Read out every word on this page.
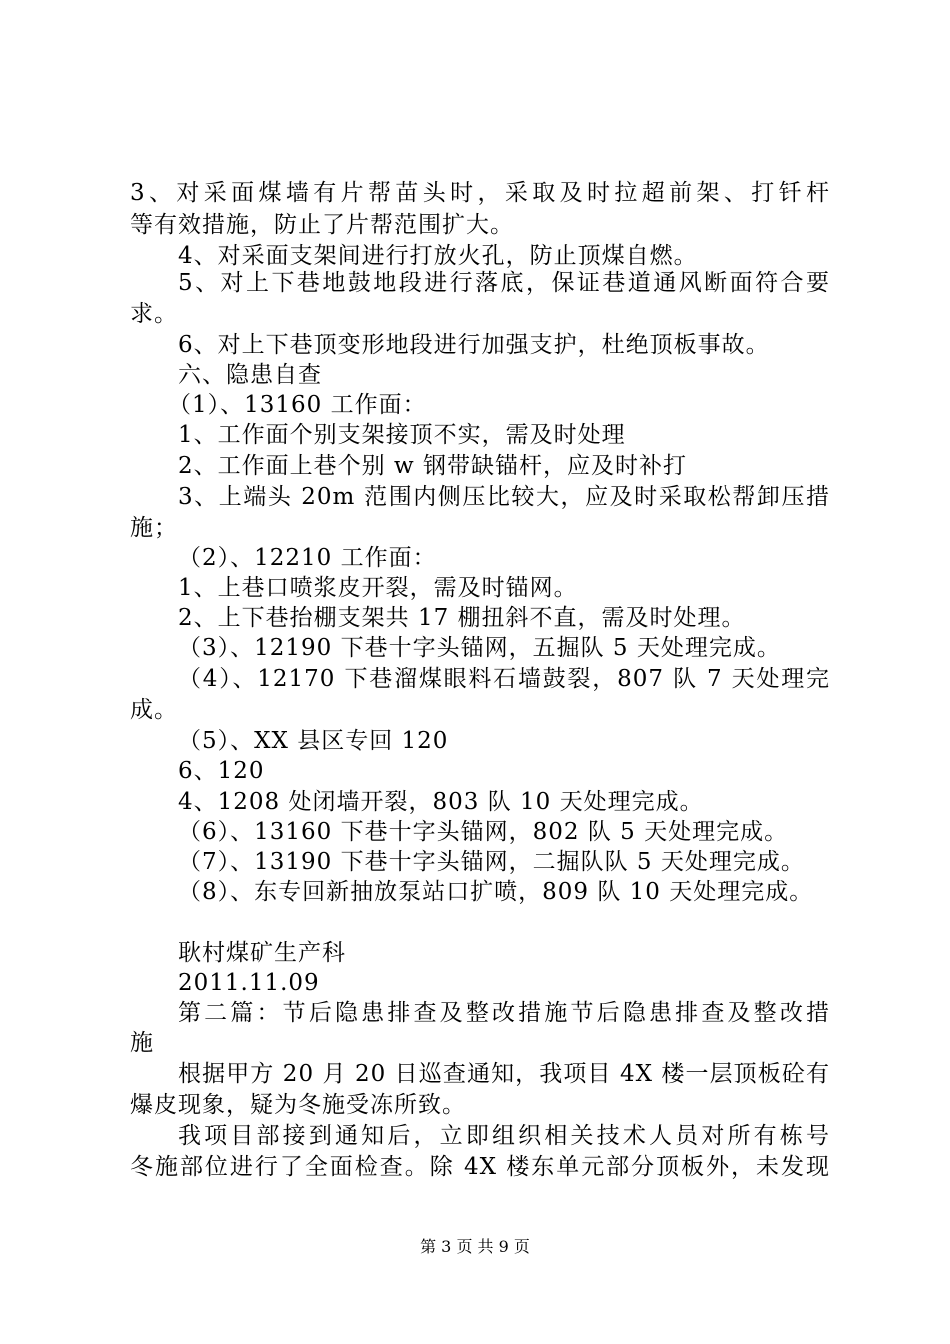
3、对采面煤墙有片帮苗头时，采取及时拉超前架、打钎杆
等有效措施，防止了片帮范围扩大。
4、对采面支架间进行打放火孔，防止顶煤自燃。
5、对上下巷地鼓地段进行落底，保证巷道通风断面符合要
求。
6、对上下巷顶变形地段进行加强支护，杜绝顶板事故。
六、隐患自查
（1）、13160 工作面：
1、工作面个别支架接顶不实，需及时处理
2、工作面上巷个别 w 钢带缺锚杆，应及时补打
3、上端头 20m 范围内侧压比较大，应及时采取松帮卸压措
施；
（2）、12210 工作面：
1、上巷口喷浆皮开裂，需及时锚网。
2、上下巷抬棚支架共 17 棚扭斜不直，需及时处理。
（3）、12190 下巷十字头锚网，五掘队 5 天处理完成。
（4）、12170 下巷溜煤眼料石墙鼓裂，807 队 7 天处理完
成。
（5）、XX 县区专回 120
6、120
4、1208 处闭墙开裂，803 队 10 天处理完成。
（6）、13160 下巷十字头锚网，802 队 5 天处理完成。
（7）、13190 下巷十字头锚网，二掘队队 5 天处理完成。
（8）、东专回新抽放泵站口扩喷，809 队 10 天处理完成。
耿村煤矿生产科
2011.11.09
第二篇：节后隐患排查及整改措施节后隐患排查及整改措
施
根据甲方 20 月 20 日巡查通知，我项目 4X 楼一层顶板砼有
爆皮现象，疑为冬施受冻所致。
我项目部接到通知后，立即组织相关技术人员对所有栋号
冬施部位进行了全面检查。除 4X 楼东单元部分顶板外，未发现
第 3 页 共 9 页
